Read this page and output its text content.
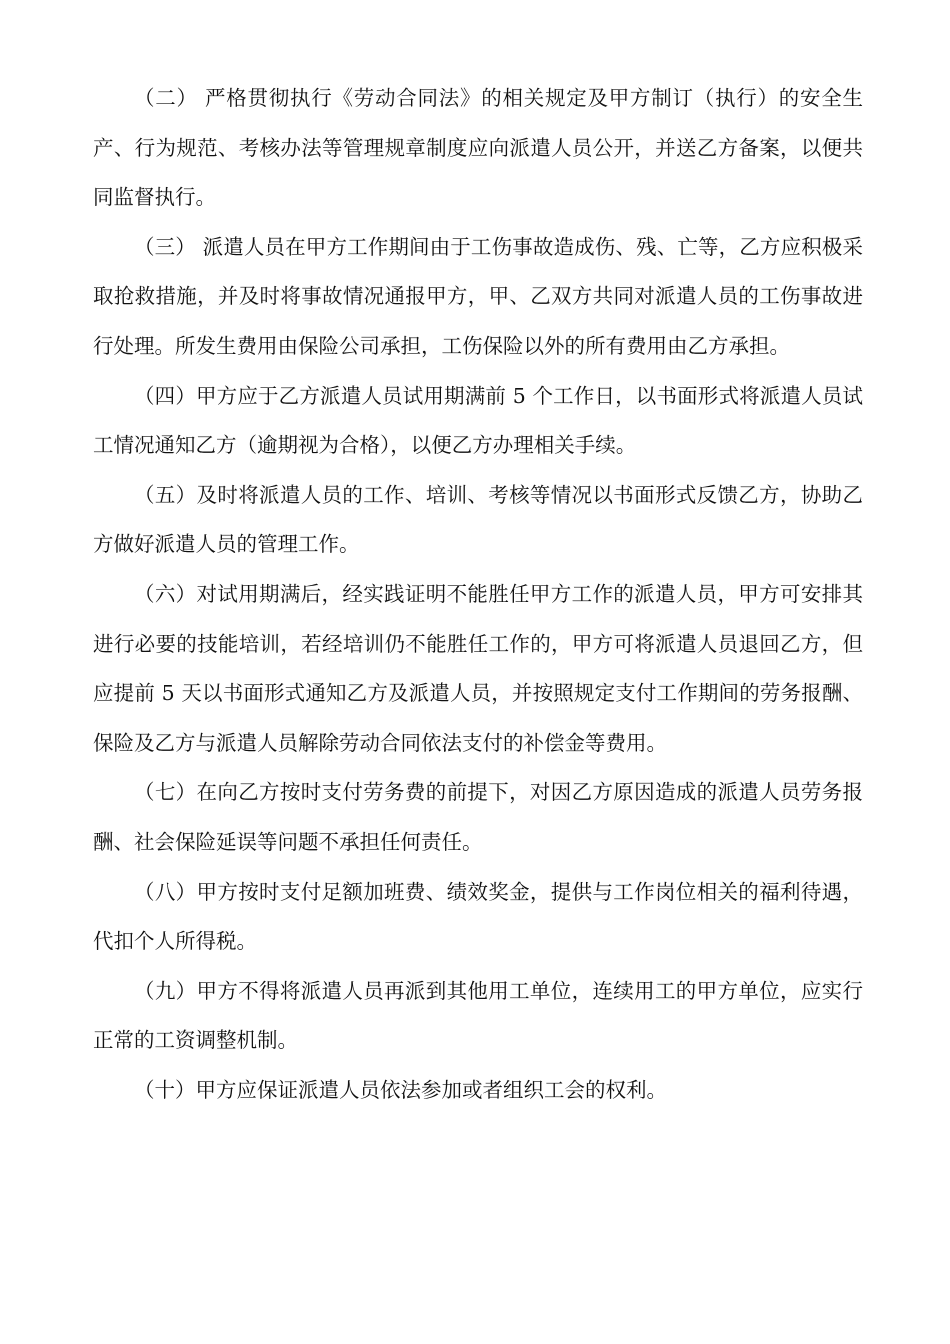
（二） 严格贯彻执行《劳动合同法》的相关规定及甲方制订（执行）的安全生产、行为规范、考核办法等管理规章制度应向派遣人员公开，并送乙方备案，以便共同监督执行。

（三） 派遣人员在甲方工作期间由于工伤事故造成伤、残、亡等，乙方应积极采取抢救措施，并及时将事故情况通报甲方，甲、乙双方共同对派遣人员的工伤事故进行处理。所发生费用由保险公司承担，工伤保险以外的所有费用由乙方承担。

（四）甲方应于乙方派遣人员试用期满前 5 个工作日，以书面形式将派遣人员试工情况通知乙方（逾期视为合格），以便乙方办理相关手续。

（五）及时将派遣人员的工作、培训、考核等情况以书面形式反馈乙方，协助乙方做好派遣人员的管理工作。

（六）对试用期满后，经实践证明不能胜任甲方工作的派遣人员，甲方可安排其进行必要的技能培训，若经培训仍不能胜任工作的，甲方可将派遣人员退回乙方，但应提前 5 天以书面形式通知乙方及派遣人员，并按照规定支付工作期间的劳务报酬、保险及乙方与派遣人员解除劳动合同依法支付的补偿金等费用。

（七）在向乙方按时支付劳务费的前提下，对因乙方原因造成的派遣人员劳务报酬、社会保险延误等问题不承担任何责任。

（八）甲方按时支付足额加班费、绩效奖金，提供与工作岗位相关的福利待遇，代扣个人所得税。

（九）甲方不得将派遣人员再派到其他用工单位，连续用工的甲方单位，应实行正常的工资调整机制。

（十）甲方应保证派遣人员依法参加或者组织工会的权利。
